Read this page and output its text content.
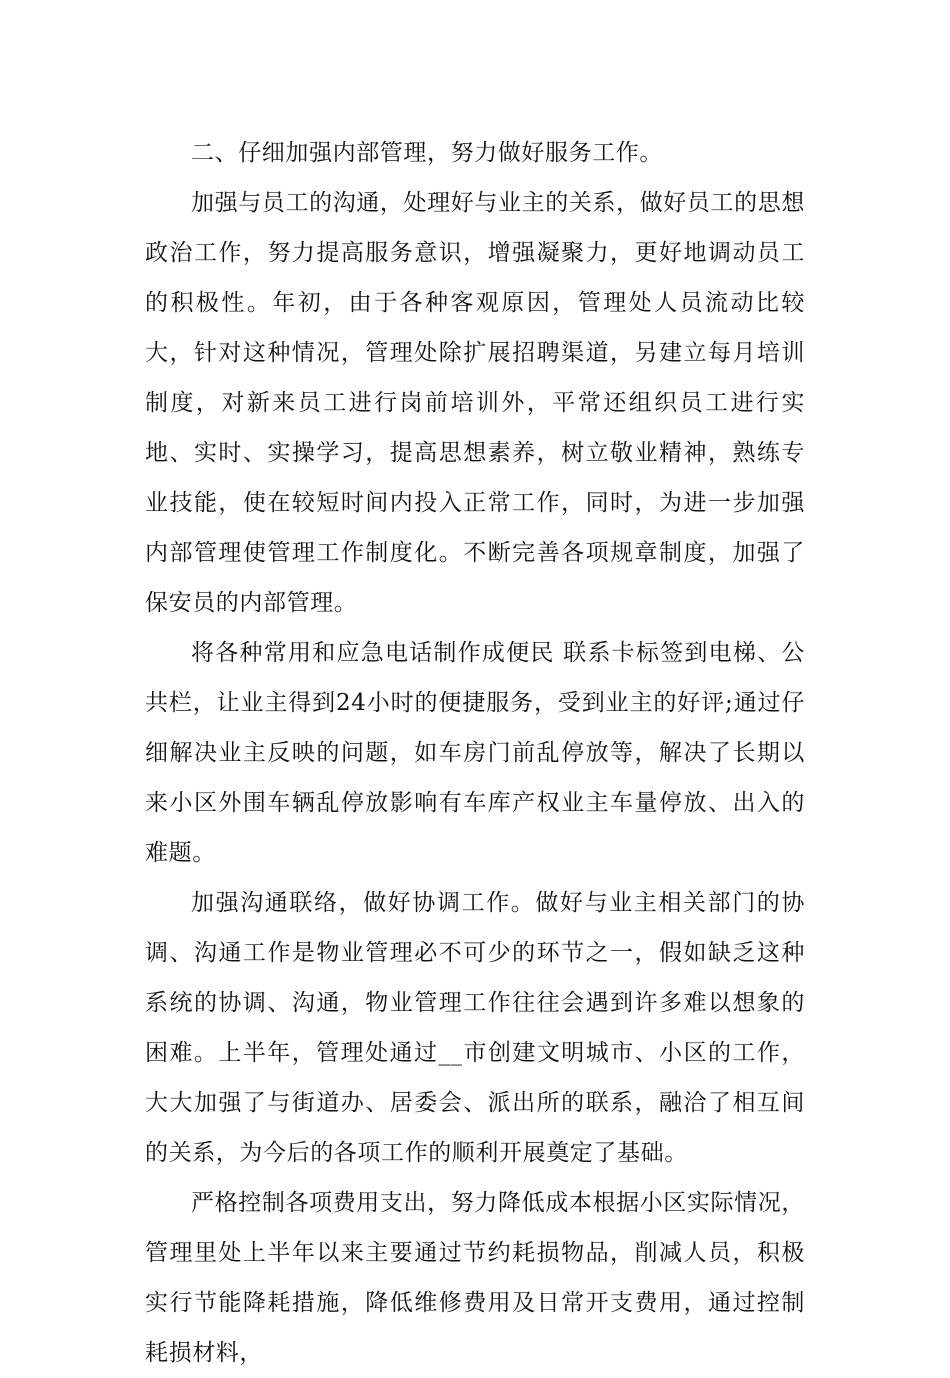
二、仔细加强内部管理，努力做好服务工作。

加强与员工的沟通，处理好与业主的关系，做好员工的思想政治工作，努力提高服务意识，增强凝聚力，更好地调动员工的积极性。年初，由于各种客观原因，管理处人员流动比较大，针对这种情况，管理处除扩展招聘渠道，另建立每月培训制度，对新来员工进行岗前培训外，平常还组织员工进行实地、实时、实操学习，提高思想素养，树立敬业精神，熟练专业技能，使在较短时间内投入正常工作，同时，为进一步加强内部管理使管理工作制度化。不断完善各项规章制度，加强了保安员的内部管理。

将各种常用和应急电话制作成便民 联系卡标签到电梯、公共栏，让业主得到24小时的便捷服务，受到业主的好评;通过仔细解决业主反映的问题，如车房门前乱停放等，解决了长期以来小区外围车辆乱停放影响有车库产权业主车量停放、出入的难题。

加强沟通联络，做好协调工作。做好与业主相关部门的协调、沟通工作是物业管理必不可少的环节之一，假如缺乏这种系统的协调、沟通，物业管理工作往往会遇到许多难以想象的困难。上半年，管理处通过__市创建文明城市、小区的工作，大大加强了与街道办、居委会、派出所的联系，融洽了相互间的关系，为今后的各项工作的顺利开展奠定了基础。

严格控制各项费用支出，努力降低成本根据小区实际情况，管理里处上半年以来主要通过节约耗损物品，削减人员，积极实行节能降耗措施，降低维修费用及日常开支费用，通过控制耗损材料，
